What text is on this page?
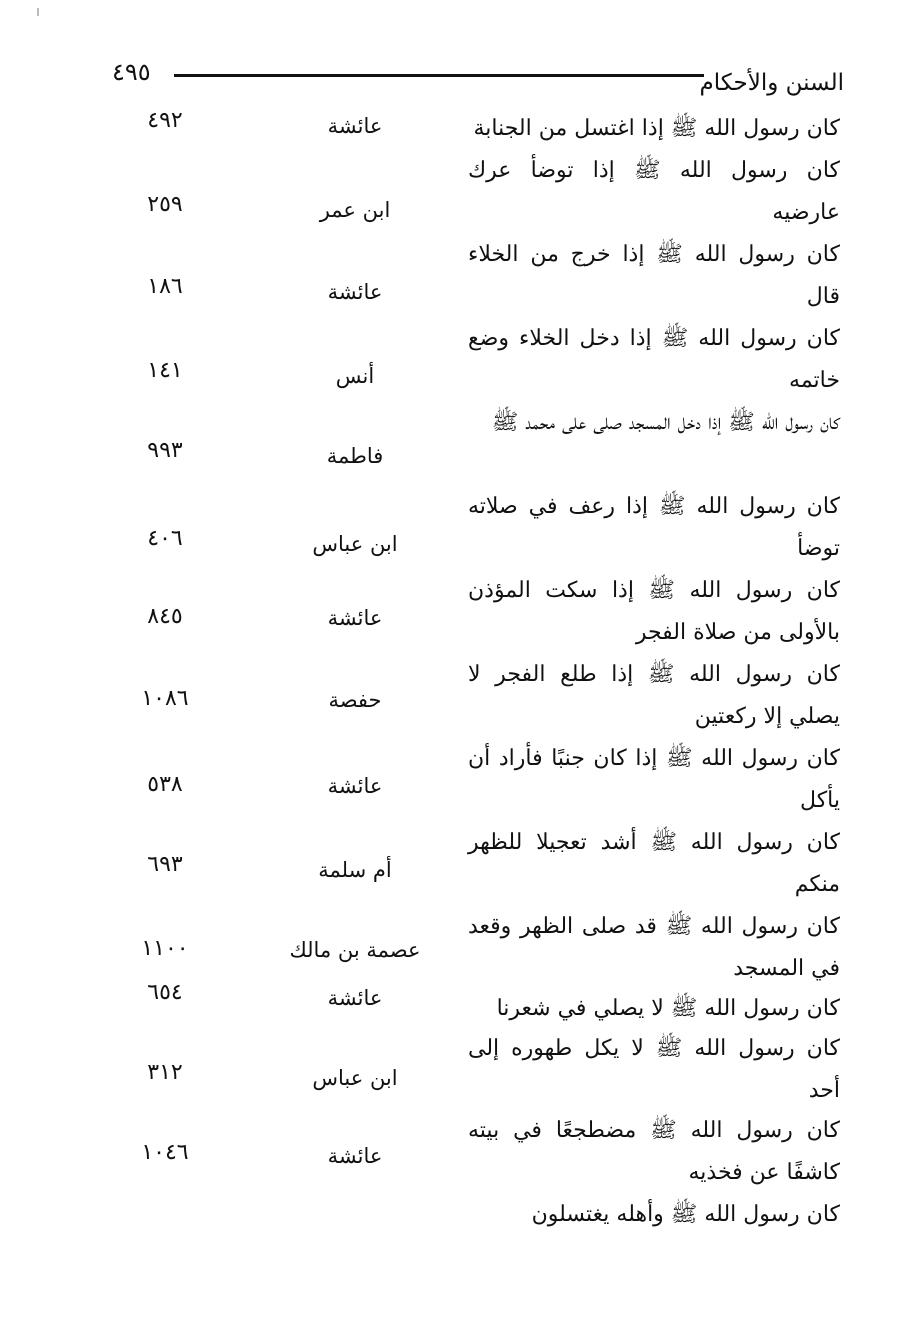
٤٩٥	السنن والأحكام
كان رسول الله ﷺ إذا اغتسل من الجنابة
عائشة
٤٩٢
كان رسول الله ﷺ إذا توضأ عرك عارضيه
ابن عمر
٢٥٩
كان رسول الله ﷺ إذا خرج من الخلاء قال
عائشة
١٨٦
كان رسول الله ﷺ إذا دخل الخلاء وضع خاتمه
أنس
١٤١
كان رسول الله ﷺ إذا دخل المسجد صلى على محمد ﷺ
فاطمة
٩٩٣
كان رسول الله ﷺ إذا رعف في صلاته توضأ
ابن عباس
٤٠٦
كان رسول الله ﷺ إذا سكت المؤذن بالأولى من صلاة الفجر
عائشة
٨٤٥
كان رسول الله ﷺ إذا طلع الفجر لا يصلي إلا ركعتين
حفصة
١٠٨٦
كان رسول الله ﷺ إذا كان جنبًا فأراد أن يأكل
عائشة
٥٣٨
كان رسول الله ﷺ أشد تعجيلا للظهر منكم
أم سلمة
٦٩٣
كان رسول الله ﷺ قد صلى الظهر وقعد في المسجد
عصمة بن مالك
١١٠٠
كان رسول الله ﷺ لا يصلي في شعرنا
عائشة
٦٥٤
كان رسول الله ﷺ لا يكل طهوره إلى أحد
ابن عباس
٣١٢
كان رسول الله ﷺ مضطجعًا في بيته كاشفًا عن فخذيه
عائشة
١٠٤٦
كان رسول الله ﷺ وأهله يغتسلون
